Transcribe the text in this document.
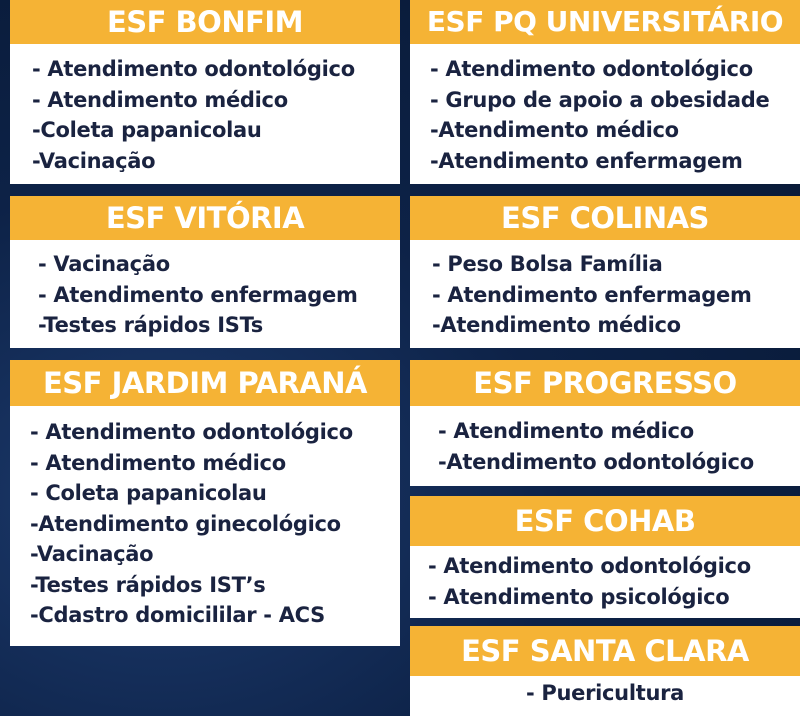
ESF BONFIM
- Atendimento odontológico
- Atendimento médico
-Coleta papanicolau
-Vacinação
ESF PQ UNIVERSITÁRIO
- Atendimento odontológico
- Grupo de apoio a obesidade
-Atendimento médico
-Atendimento enfermagem
ESF VITÓRIA
- Vacinação
- Atendimento enfermagem
-Testes rápidos ISTs
ESF COLINAS
- Peso Bolsa Família
- Atendimento enfermagem
-Atendimento médico
ESF JARDIM PARANÁ
- Atendimento odontológico
- Atendimento médico
- Coleta papanicolau
-Atendimento ginecológico
-Vacinação
-Testes rápidos IST’s
-Cdastro domicililar - ACS
ESF PROGRESSO
- Atendimento médico
-Atendimento odontológico
ESF COHAB
- Atendimento odontológico
- Atendimento psicológico
ESF SANTA CLARA
- Puericultura
